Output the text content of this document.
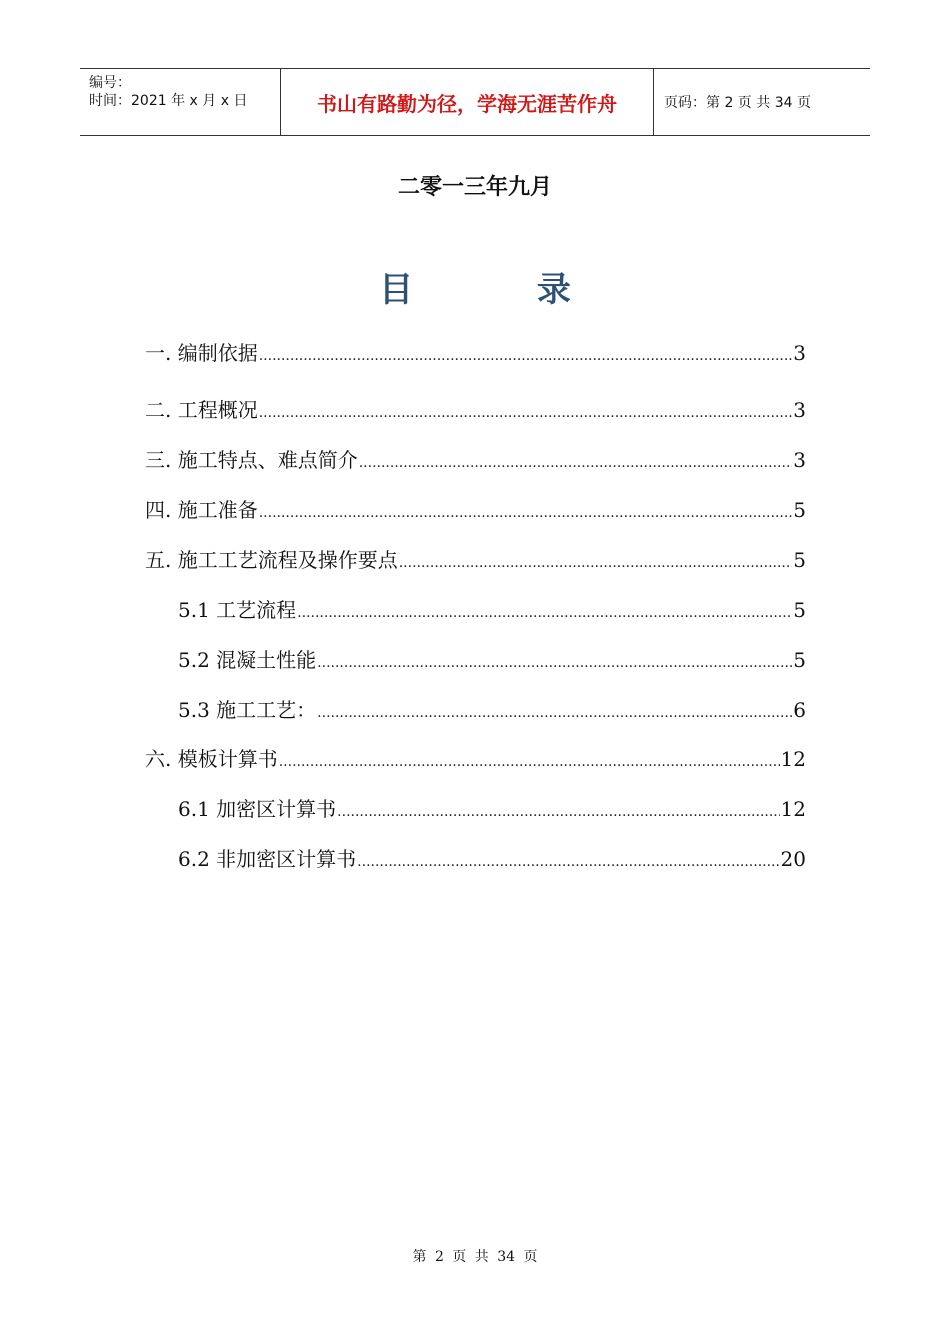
编号：
时间：2021 年 x 月 x 日	书山有路勤为径，学海无涯苦作舟	页码：第 2 页 共 34 页
二零一三年九月
目 录
一. 编制依据 .....	3
二. 工程概况 .....	3
三. 施工特点、难点简介 .....	3
四. 施工准备 .....	5
五. 施工工艺流程及操作要点 .....	5
5.1 工艺流程 .....	5
5.2 混凝土性能 .....	5
5.3 施工工艺： .....	6
六. 模板计算书 .....	12
6.1 加密区计算书 .....	12
6.2 非加密区计算书 .....	20
第 2 页 共 34 页
